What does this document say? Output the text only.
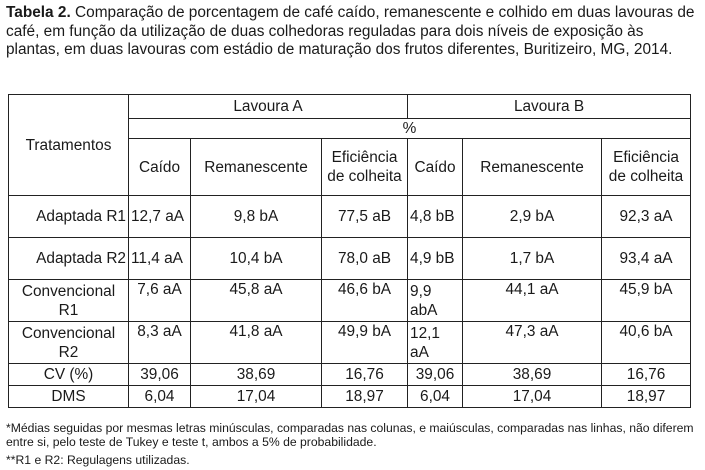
Tabela 2. Comparação de porcentagem de café caído, remanescente e colhido em duas lavouras de café, em função da utilização de duas colhedoras reguladas para dois níveis de exposição às plantas, em duas lavouras com estádio de maturação dos frutos diferentes, Buritizeiro, MG, 2014.
Tratamentos	Lavoura A			Lavoura B		
	%					
	Caído	Remanescente	Eficiência de colheita	Caído	Remanescente	Eficiência de colheita
Adaptada R1	12,7 aA	9,8 bA	77,5 aB	4,8 bB	2,9 bA	92,3 aA
Adaptada R2	11,4 aA	10,4 bA	78,0 aB	4,9 bB	1,7 bA	93,4 aA
Convencional R1	7,6 aA	45,8 aA	46,6 bA	9,9 abA	44,1 aA	45,9 bA
Convencional R2	8,3 aA	41,8 aA	49,9 bA	12,1 aA	47,3 aA	40,6 bA
CV (%)	39,06	38,69	16,76	39,06	38,69	16,76
DMS	6,04	17,04	18,97	6,04	17,04	18,97
*Médias seguidas por mesmas letras minúsculas, comparadas nas colunas, e maiúsculas, comparadas nas linhas, não diferem entre si, pelo teste de Tukey e teste t, ambos a 5% de probabilidade.
**R1 e R2: Regulagens utilizadas.
